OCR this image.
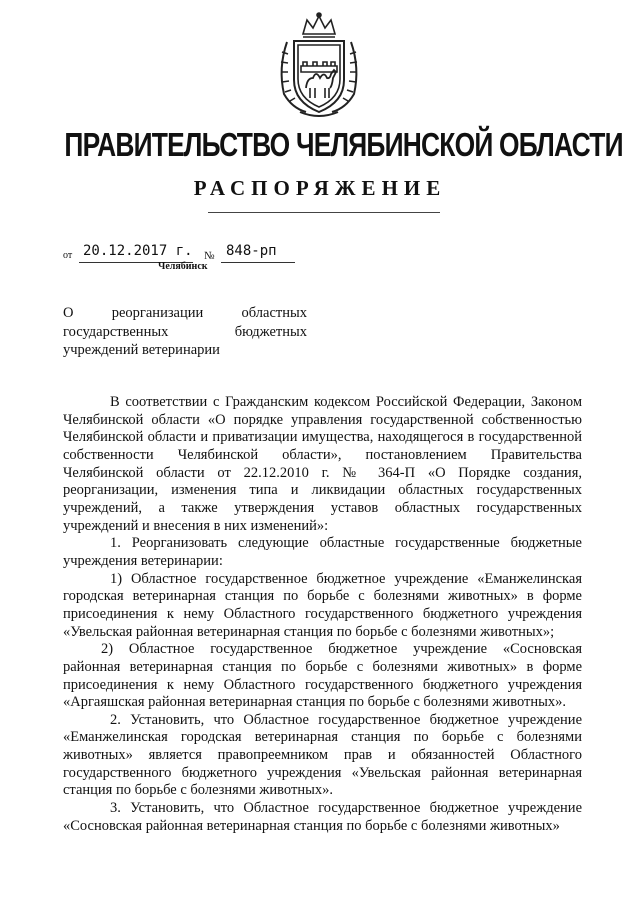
ПРАВИТЕЛЬСТВО ЧЕЛЯБИНСКОЙ ОБЛАСТИ
РАСПОРЯЖЕНИЕ
от 20.12.2017 г. № 848-рп
Челябинск
О реорганизации областных
государственных бюджетных
учреждений ветеринарии

В соответствии с Гражданским кодексом Российской Федерации, Законом Челябинской области «О порядке управления государственной собственностью Челябинской области и приватизации имущества, находящегося в государственной собственности Челябинской области», постановлением Правительства Челябинской области от 22.12.2010 г. № 364-П «О Порядке создания, реорганизации, изменения типа и ликвидации областных государственных учреждений, а также утверждения уставов областных государственных учреждений и внесения в них изменений»:

1. Реорганизовать следующие областные государственные бюджетные учреждения ветеринарии:

1) Областное государственное бюджетное учреждение «Еманжелинская городская ветеринарная станция по борьбе с болезнями животных» в форме присоединения к нему Областного государственного бюджетного учреждения «Увельская районная ветеринарная станция по борьбе с болезнями животных»;

2) Областное государственное бюджетное учреждение «Сосновская районная ветеринарная станция по борьбе с болезнями животных» в форме присоединения к нему Областного государственного бюджетного учреждения «Аргаяшская районная ветеринарная станция по борьбе с болезнями животных».

2. Установить, что Областное государственное бюджетное учреждение «Еманжелинская городская ветеринарная станция по борьбе с болезнями животных» является правопреемником прав и обязанностей Областного государственного бюджетного учреждения «Увельская районная ветеринарная станция по борьбе с болезнями животных».

3. Установить, что Областное государственное бюджетное учреждение «Сосновская районная ветеринарная станция по борьбе с болезнями животных»
